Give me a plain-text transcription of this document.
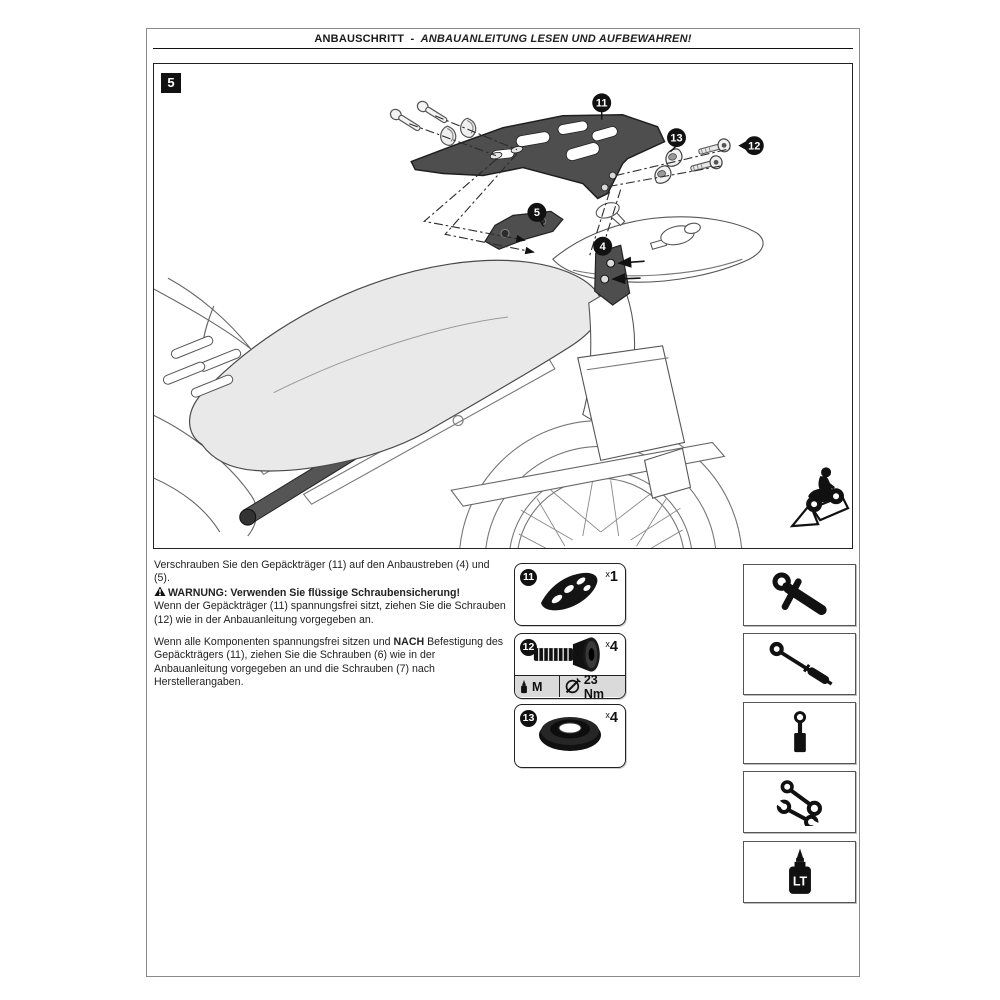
ANBAUSCHRITT - ANBAUANLEITUNG LESEN UND AUFBEWAHREN!
11
13
12
5
4
5

Verschrauben Sie den Gepäckträger (11) auf den Anbaustreben (4) und (5).

WARNUNG: Verwenden Sie flüssige Schraubensicherung!

Wenn der Gepäckträger (11) spannungsfrei sitzt, ziehen Sie die Schrauben (12) wie in der Anbauanleitung vorgegeben an.

Wenn alle Komponenten spannungsfrei sitzen und NACH Befestigung des Gepäckträgers (11), ziehen Sie die Schrauben (6) wie in der Anbauanleitung vorgegeben an und die Schrauben (7) nach Herstellerangaben.

11	$^x$1
12	$^x$4
M	23 Nm
13	$^x$4
LT
